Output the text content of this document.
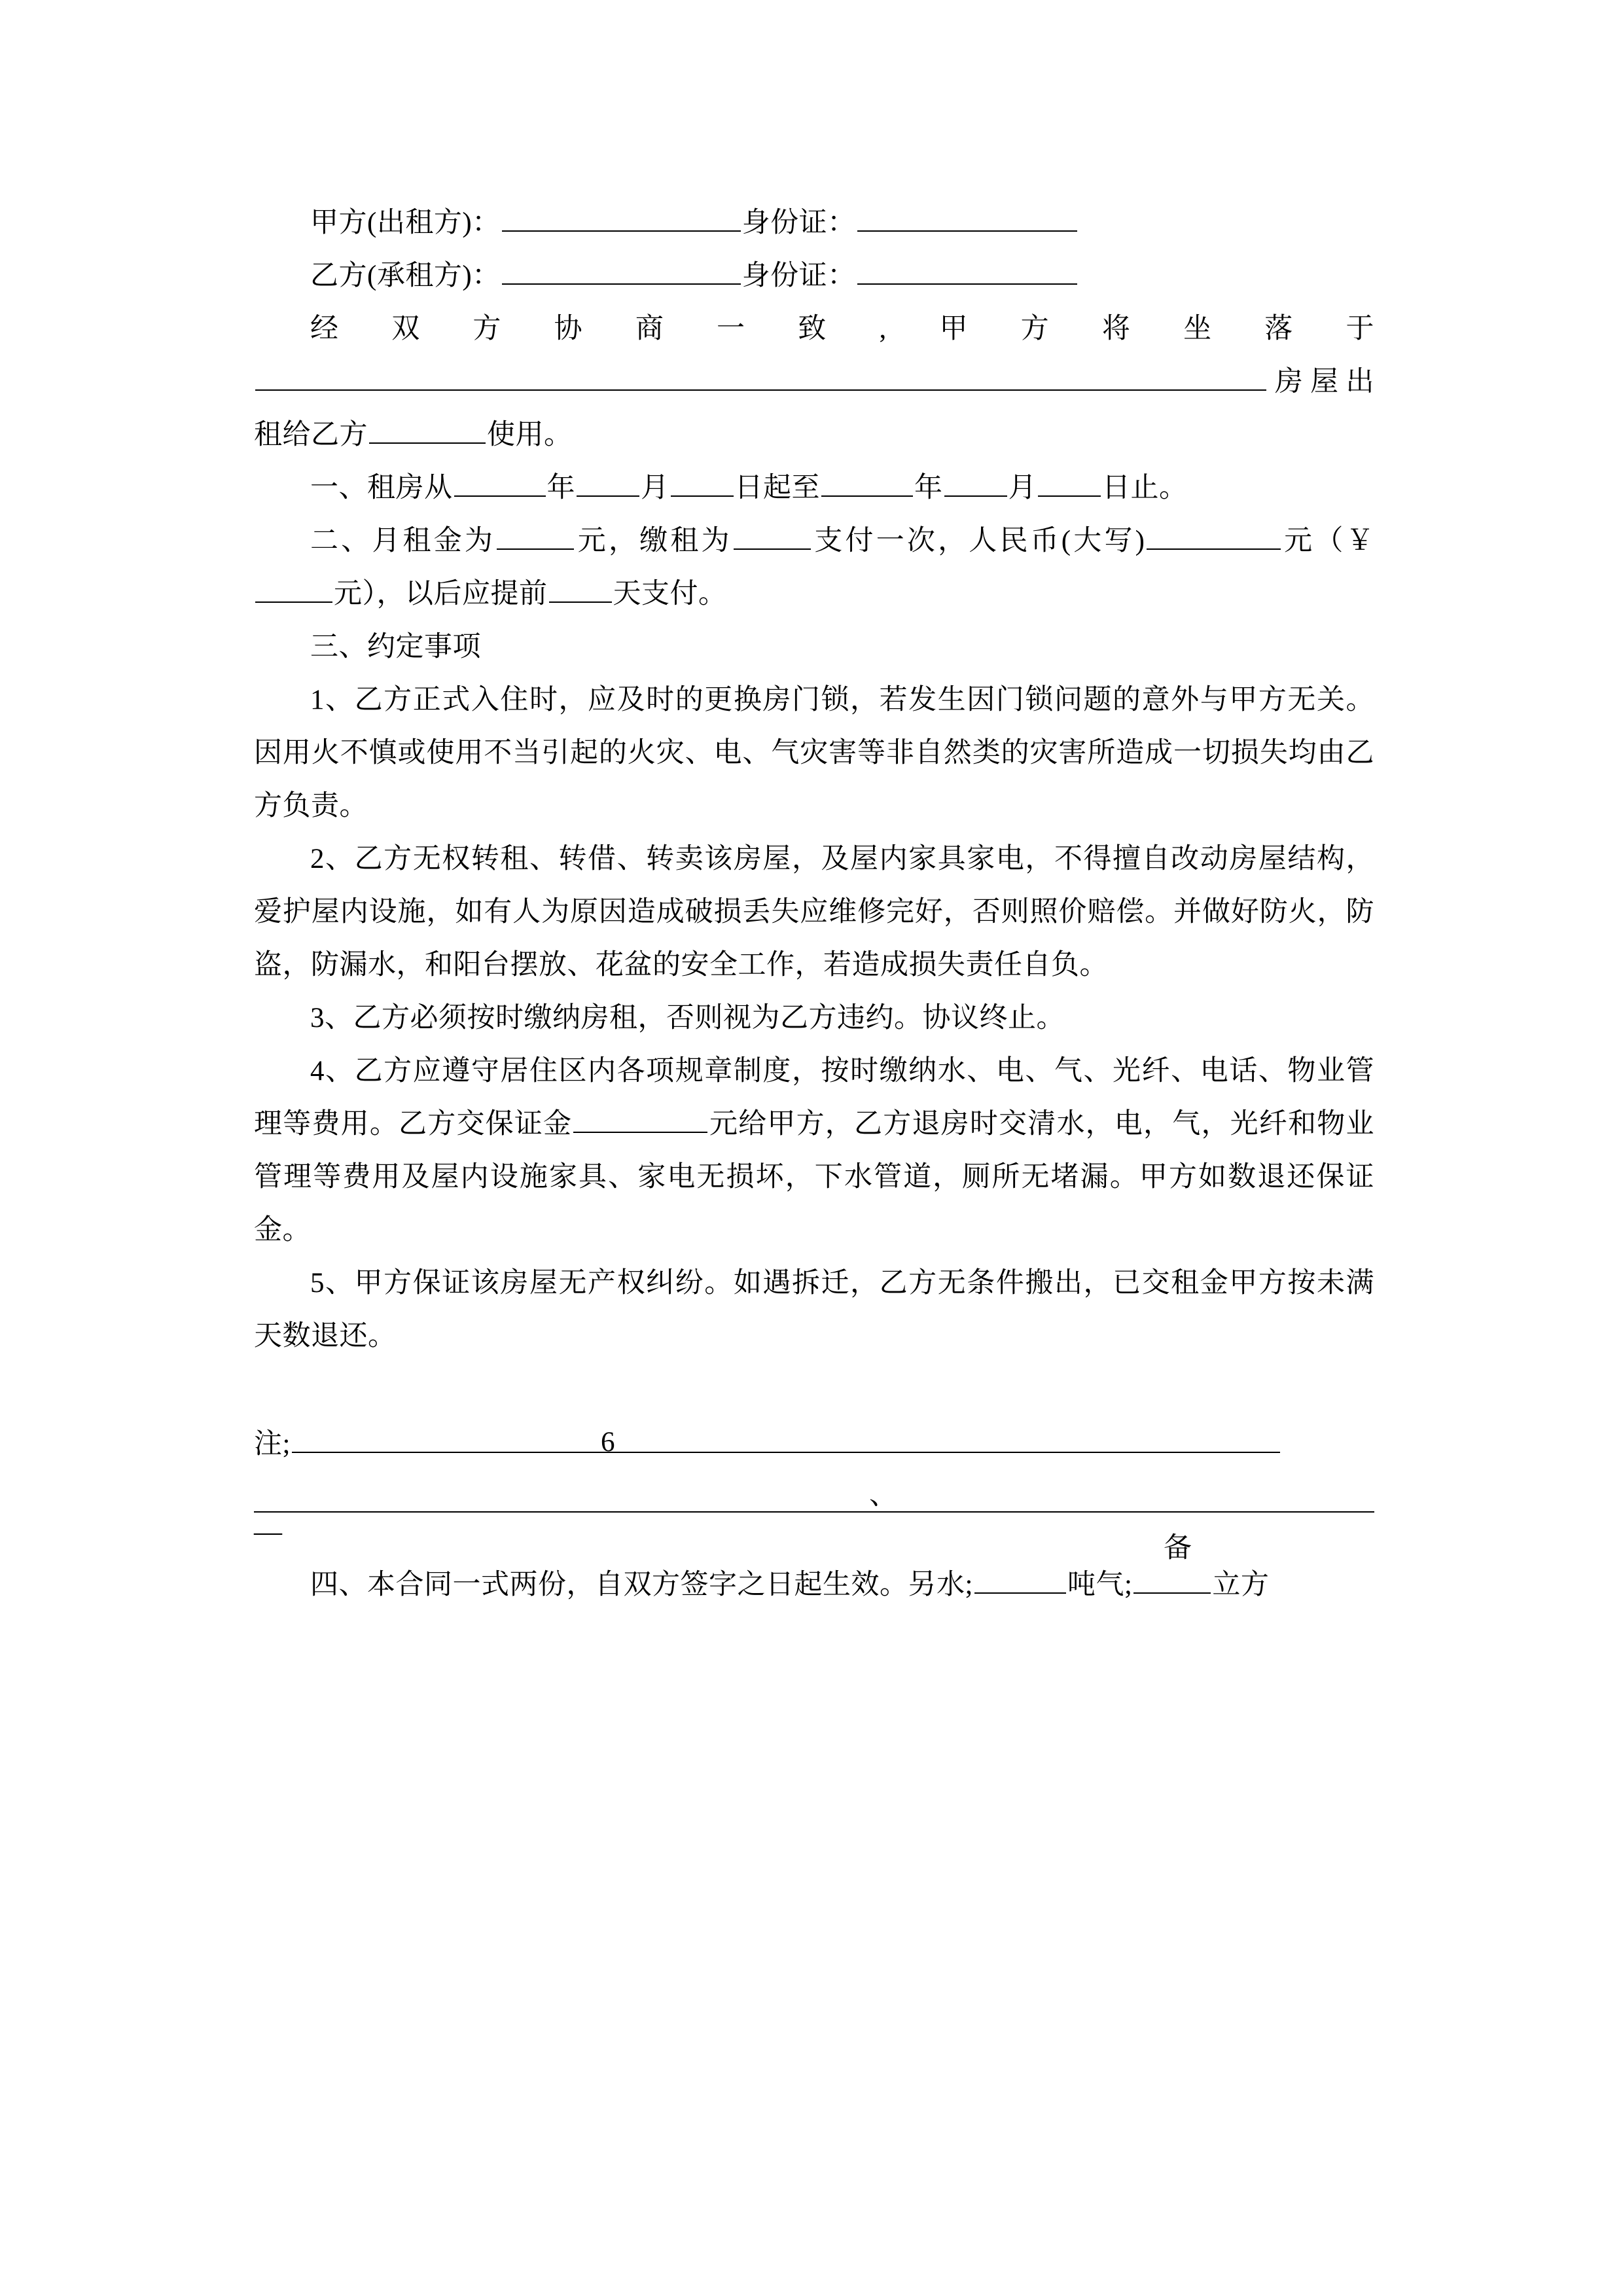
甲方(出租方)：	身份证：
乙方(承租方)：	身份证：
经双方协商一致,甲方将坐落于房屋出租给乙方	使用。
一、租房从	年 月 日起至	年 月 日止。
二、月租金为	元，缴租为	支付一次，人民币(大写)	元（￥元），以后应提前 天支付。
三、约定事项
1、乙方正式入住时，应及时的更换房门锁，若发生因门锁问题的意外与甲方无关。因用火不慎或使用不当引起的火灾、电、气灾害等非自然类的灾害所造成一切损失均由乙方负责。
2、乙方无权转租、转借、转卖该房屋，及屋内家具家电，不得擅自改动房屋结构，爱护屋内设施，如有人为原因造成破损丢失应维修完好，否则照价赔偿。并做好防火，防盗，防漏水，和阳台摆放、花盆的安全工作，若造成损失责任自负。
3、乙方必须按时缴纳房租，否则视为乙方违约。协议终止。
4、乙方应遵守居住区内各项规章制度，按时缴纳水、电、气、光纤、电话、物业管理等费用。乙方交保证金	元给甲方，乙方退房时交清水，电，气，光纤和物业管理等费用及屋内设施家具、家电无损坏，下水管道，厕所无堵漏。甲方如数退还保证金。
5、甲方保证该房屋无产权纠纷。如遇拆迁，乙方无条件搬出，已交租金甲方按未满天数退还。

6

、

备

注;
—
四、本合同一式两份，自双方签字之日起生效。另水;	吨气;	立方
